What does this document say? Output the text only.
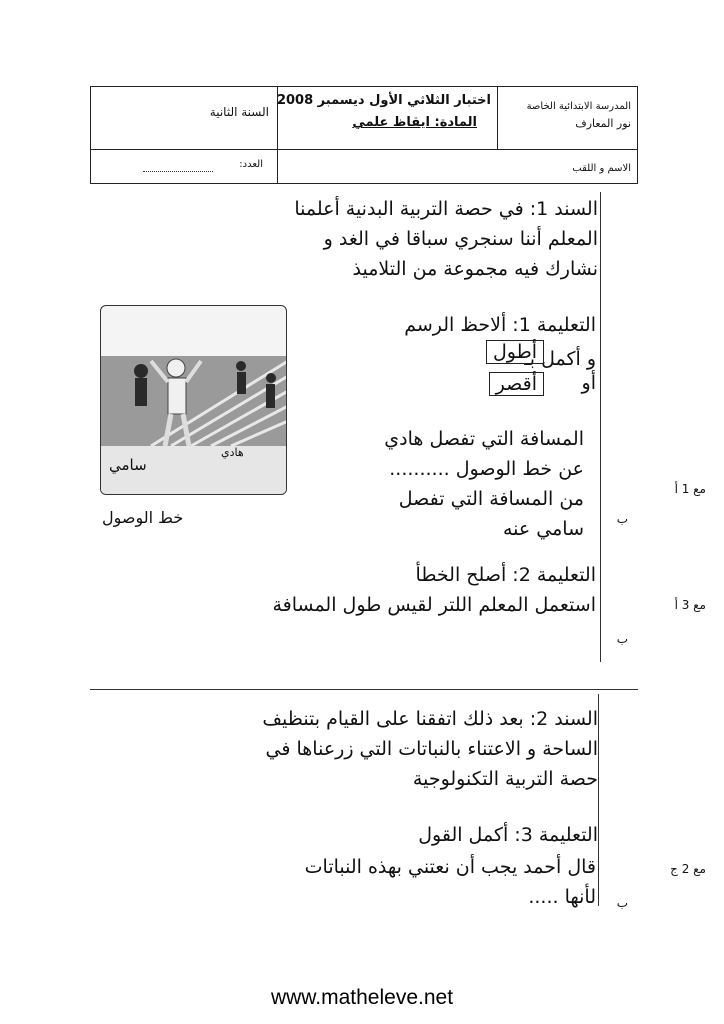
السنة الثانية
اختبار الثلاثي الأول ديسمبر 2008
المادة: ايقاظ علمي
المدرسة الابتدائية الخاصة
نور المعارف
العدد:	الاسم و اللقب
السند 1: في حصة التربية البدنية أعلمنا
المعلم أننا سنجري سباقا في الغد و
نشارك فيه مجموعة من التلاميذ
التعليمة 1: ألاحظ الرسم
و أكمل بـ
أطول
أو
أقصر
المسافة التي تفصل هادي
عن خط الوصول ..........
من المسافة التي تفصل
سامي عنه
مع 1 أ
ب
سامي
هادي
خط الوصول
التعليمة 2: أصلح الخطأ
استعمل المعلم اللتر لقيس طول المسافة	مع 3 أ
ب
السند 2: بعد ذلك اتفقنا على القيام بتنظيف
الساحة و الاعتناء بالنباتات التي زرعناها في
حصة التربية التكنولوجية
التعليمة 3: أكمل القول
قال أحمد يجب أن نعتني بهذه النباتات
لأنها .....
مع 2 ج
ب
www.matheleve.net
